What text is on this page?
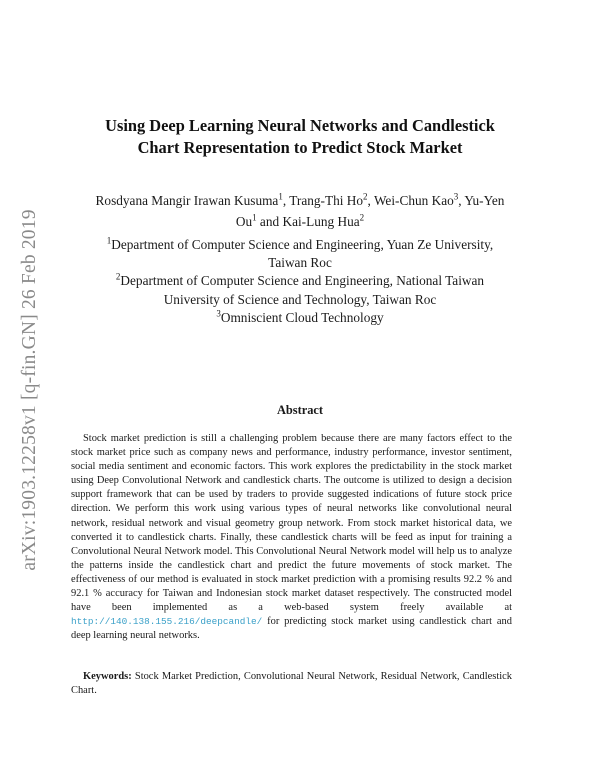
arXiv:1903.12258v1 [q-fin.GN] 26 Feb 2019
Using Deep Learning Neural Networks and Candlestick
Chart Representation to Predict Stock Market
Rosdyana Mangir Irawan Kusuma$^1$, Trang-Thi Ho$^2$, Wei-Chun Kao$^3$, Yu-Yen
Ou$^1$ and Kai-Lung Hua$^2$
$^1$Department of Computer Science and Engineering, Yuan Ze University,
Taiwan Roc
$^2$Department of Computer Science and Engineering, National Taiwan
University of Science and Technology, Taiwan Roc
$^3$Omniscient Cloud Technology
Abstract
Stock market prediction is still a challenging problem because there are many factors effect to the stock market price such as company news and performance, industry performance, investor sentiment, social media sentiment and economic factors. This work explores the predictability in the stock market using Deep Convolutional Network and candlestick charts. The outcome is utilized to design a decision support framework that can be used by traders to provide suggested indications of future stock price direction. We perform this work using various types of neural networks like convolutional neural network, residual network and visual geometry group network. From stock market historical data, we converted it to candlestick charts. Finally, these candlestick charts will be feed as input for training a Convolutional Neural Network model. This Convolutional Neural Network model will help us to analyze the patterns inside the candlestick chart and predict the future movements of stock market. The effectiveness of our method is evaluated in stock market prediction with a promising results 92.2 % and 92.1 % accuracy for Taiwan and Indonesian stock market dataset respectively. The constructed model have been implemented as a web-based system freely available at http://140.138.155.216/deepcandle/ for predicting stock market using candlestick chart and deep learning neural networks.
Keywords: Stock Market Prediction, Convolutional Neural Network, Residual Network, Candlestick Chart.
